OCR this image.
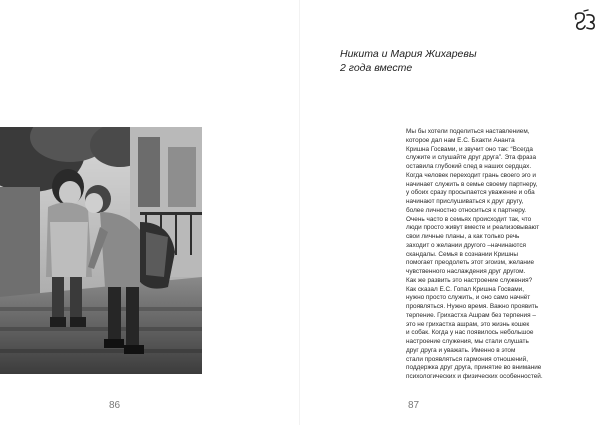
86
Никита и Мария Жихаревы
2 года вместе
Мы бы хотели поделиться наставлением,
которое дал нам Е.С. Бхакти Ананта
Кришна Госвами, и звучит оно так: “Всегда
служите и слушайте друг друга”. Эта фраза
оставила глубокий след в наших сердцах.
Когда человек переходит грань своего эго и
начинает служить в семье своему партнеру,
у обоих сразу просыпается уважение и оба
начинают прислушиваться к друг другу,
более личностно относиться к партнеру.
Очень часто в семьях происходит так, что
люди просто живут вместе и реализовывают
свои личные планы, а как только речь
заходит о желании другого –начинаются
скандалы. Семья в сознании Кришны
помогает преодолеть этот эгоизм, желание
чувственного наслаждения друг другом.
Как же развить это настроение служения?
Как сказал Е.С. Гопал Кришна Госвами,
нужно просто служить, и оно само начнёт
проявляться. Нужно время. Важно проявить
терпение. Грихастха Ашрам без терпения –
это не грихастха ашрам, это жизнь кошек
и собак. Когда у нас появилось небольшое
настроение служения, мы стали слушать
друг друга и уважать. Именно в этом
стали проявляться гармония отношений,
поддержка друг друга, принятие во внимание
психологических и физических особенностей.
87
